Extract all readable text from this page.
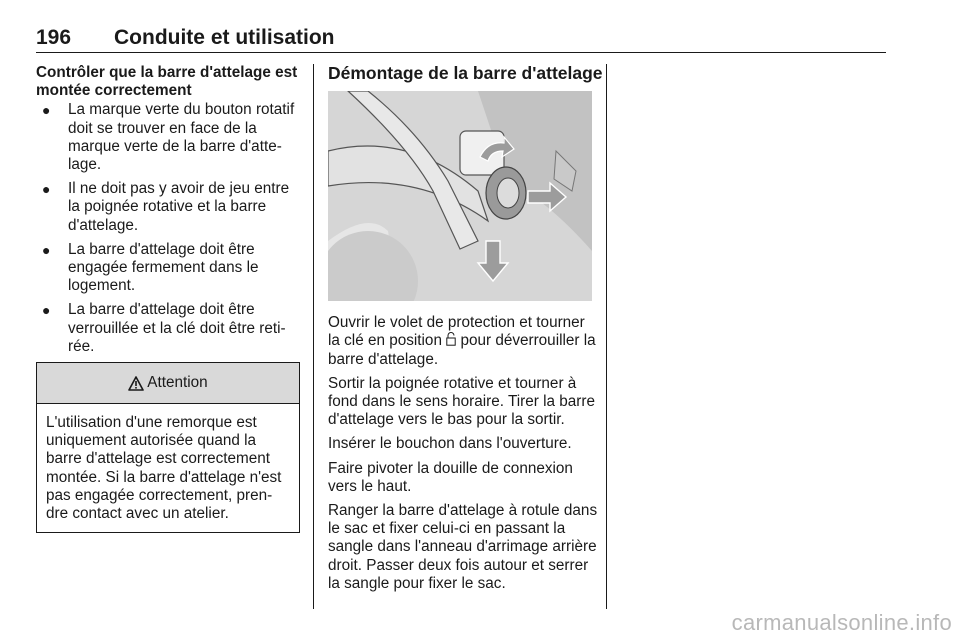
196 Conduite et utilisation
Contrôler que la barre d'attelage est montée correctement
● La marque verte du bouton rotatif doit se trouver en face de la marque verte de la barre d'atte-lage.
● Il ne doit pas y avoir de jeu entre la poignée rotative et la barre d'attelage.
● La barre d'attelage doit être engagée fermement dans le logement.
● La barre d'attelage doit être verrouillée et la clé doit être reti-rée.
Attention
L'utilisation d'une remorque est uniquement autorisée quand la barre d'attelage est correctement montée. Si la barre d'attelage n'est pas engagée correctement, pren-dre contact avec un atelier.
Démontage de la barre d'attelage

Ouvrir le volet de protection et tourner la clé en position pour déverrouiller la barre d'attelage.

Sortir la poignée rotative et tourner à fond dans le sens horaire. Tirer la barre d'attelage vers le bas pour la sortir.

Insérer le bouchon dans l'ouverture.

Faire pivoter la douille de connexion vers le haut.

Ranger la barre d'attelage à rotule dans le sac et fixer celui-ci en passant la sangle dans l'anneau d'arrimage arrière droit. Passer deux fois autour et serrer la sangle pour fixer le sac.

carmanualsonline.info
